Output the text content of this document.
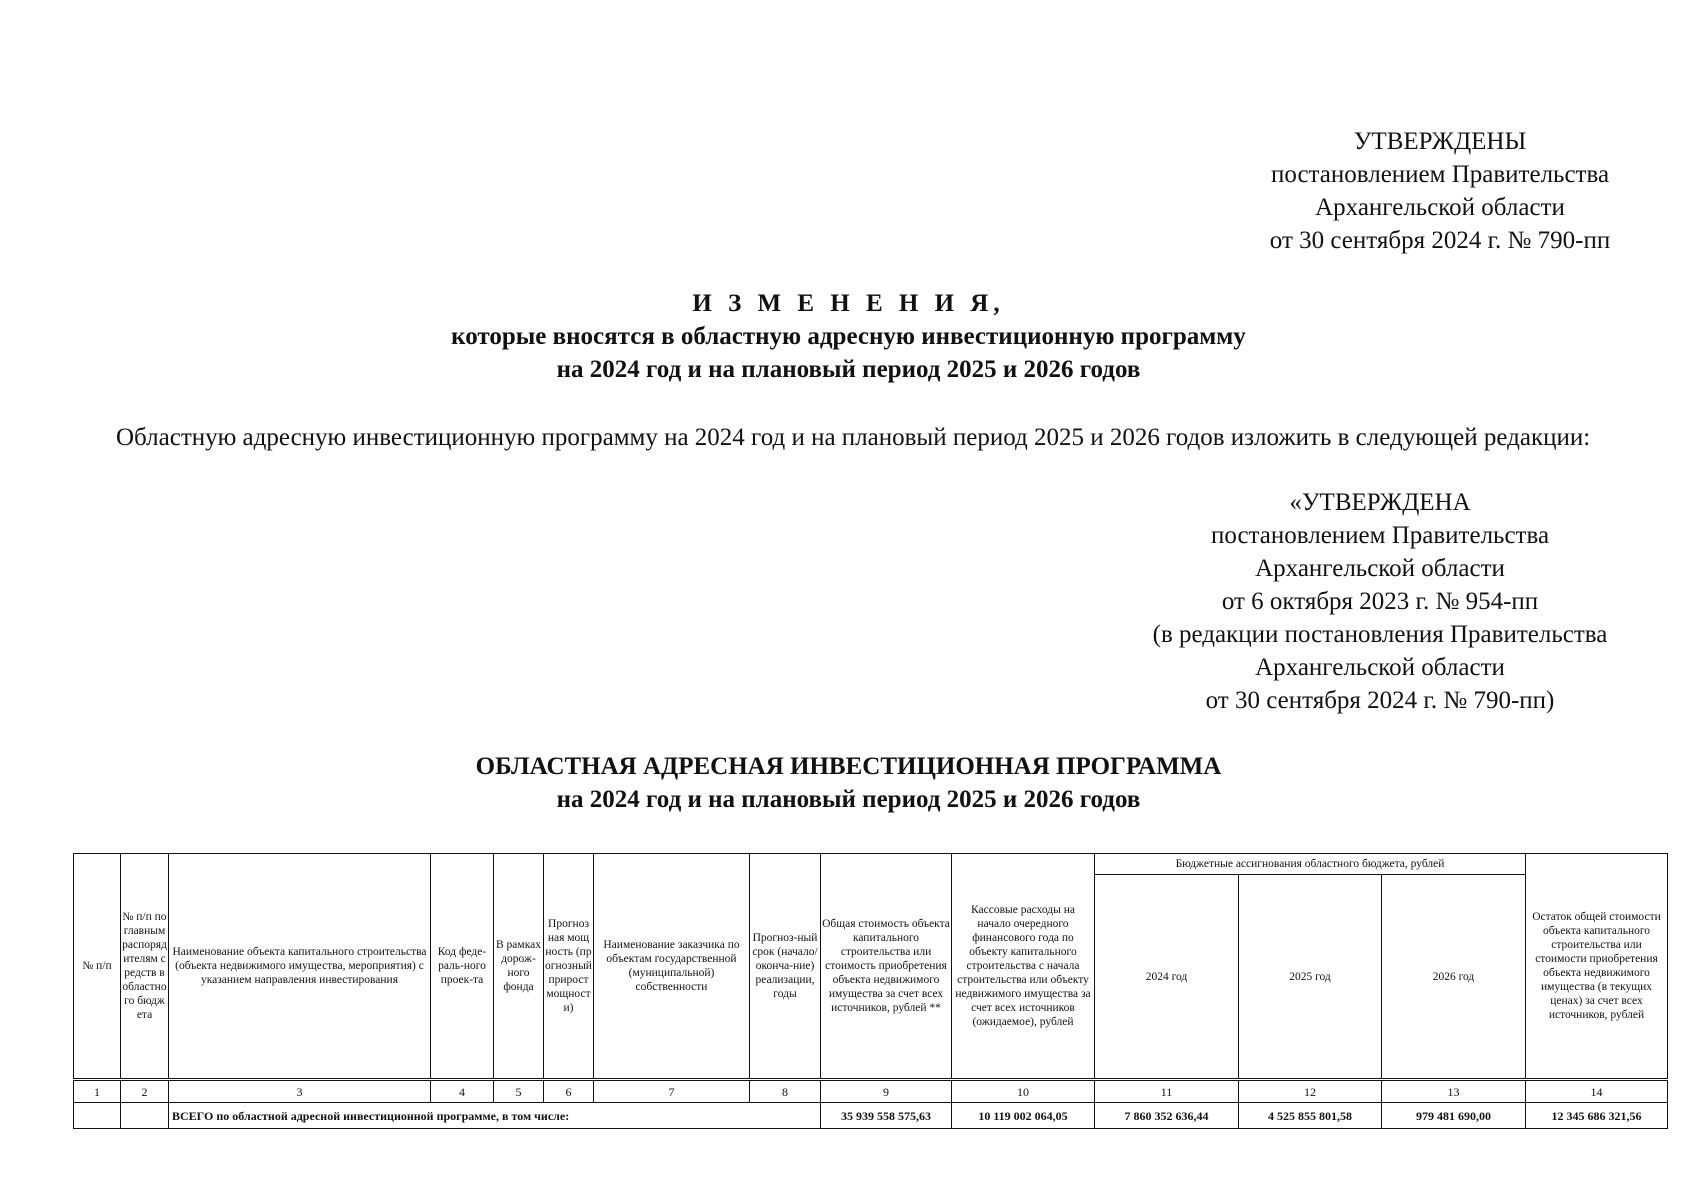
УТВЕРЖДЕНЫ
постановлением Правительства
Архангельской области
от 30 сентября 2024 г. № 790-пп
И З М Е Н Е Н И Я,
которые вносятся в областную адресную инвестиционную программу
на 2024 год и на плановый период 2025 и 2026 годов
Областную адресную инвестиционную программу на 2024 год и на плановый период 2025 и 2026 годов изложить в следующей редакции:
«УТВЕРЖДЕНА
постановлением Правительства
Архангельской области
от 6 октября 2023 г. № 954-пп
(в редакции постановления Правительства
Архангельской области
от 30 сентября 2024 г. № 790-пп)
ОБЛАСТНАЯ АДРЕСНАЯ ИНВЕСТИЦИОННАЯ ПРОГРАММА
на 2024 год и на плановый период 2025 и 2026 годов
№ п/п	№ п/п по главным распорядителям средств в областного бюджета	Наименование объекта капитального строительства (объекта недвижимого имущества, мероприятия) с указанием направления инвестирования	Код феде-раль-ного проек-та	В рамках дорож-ного фонда	Прогнозная мощность (прогнозный прирост мощности)	Наименование заказчика по объектам государственной (муниципальной) собственности	Прогноз-ный срок (начало/ оконча-ние) реализации, годы	Общая стоимость объекта капитального строительства или стоимость приобретения объекта недвижимого имущества за счет всех источников, рублей **	Кассовые расходы на начало очередного финансового года по объекту капитального строительства с начала строительства или объекту недвижимого имущества за счет всех источников (ожидаемое), рублей	Бюджетные ассигнования областного бюджета, рублей			Остаток общей стоимости объекта капитального строительства или стоимости приобретения объекта недвижимого имущества (в текущих ценах) за счет всех источников, рублей
										2024 год	2025 год	2026 год	
1	2	3	4	5	6	7	8	9	10	11	12	13	14
		ВСЕГО по областной адресной инвестиционной программе, в том числе:						35 939 558 575,63	10 119 002 064,05	7 860 352 636,44	4 525 855 801,58	979 481 690,00	12 345 686 321,56
